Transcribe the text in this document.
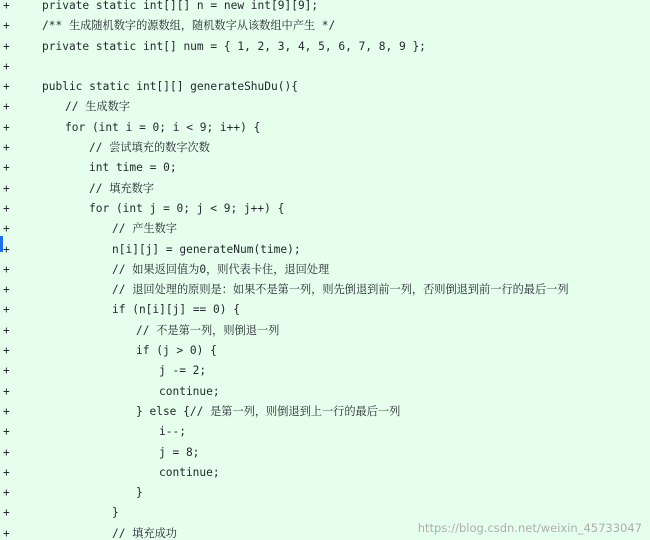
+	private static int[][] n = new int[9][9];
+	/** 生成随机数字的源数组，随机数字从该数组中产生 */
+	private static int[] num = { 1, 2, 3, 4, 5, 6, 7, 8, 9 };
+
+	public static int[][] generateShuDu(){
+	// 生成数字
+	for (int i = 0; i < 9; i++) {
+	// 尝试填充的数字次数
+	int time = 0;
+	// 填充数字
+	for (int j = 0; j < 9; j++) {
+	// 产生数字
+	n[i][j] = generateNum(time);
+	// 如果返回值为0，则代表卡住，退回处理
+	// 退回处理的原则是：如果不是第一列，则先倒退到前一列，否则倒退到前一行的最后一列
+	if (n[i][j] == 0) {
+	// 不是第一列，则倒退一列
+	if (j > 0) {
+	j -= 2;
+	continue;
+	} else {// 是第一列，则倒退到上一行的最后一列
+	i--;
+	j = 8;
+	continue;
+	}
+	}
+	// 填充成功	https://blog.csdn.net/weixin_45733047
